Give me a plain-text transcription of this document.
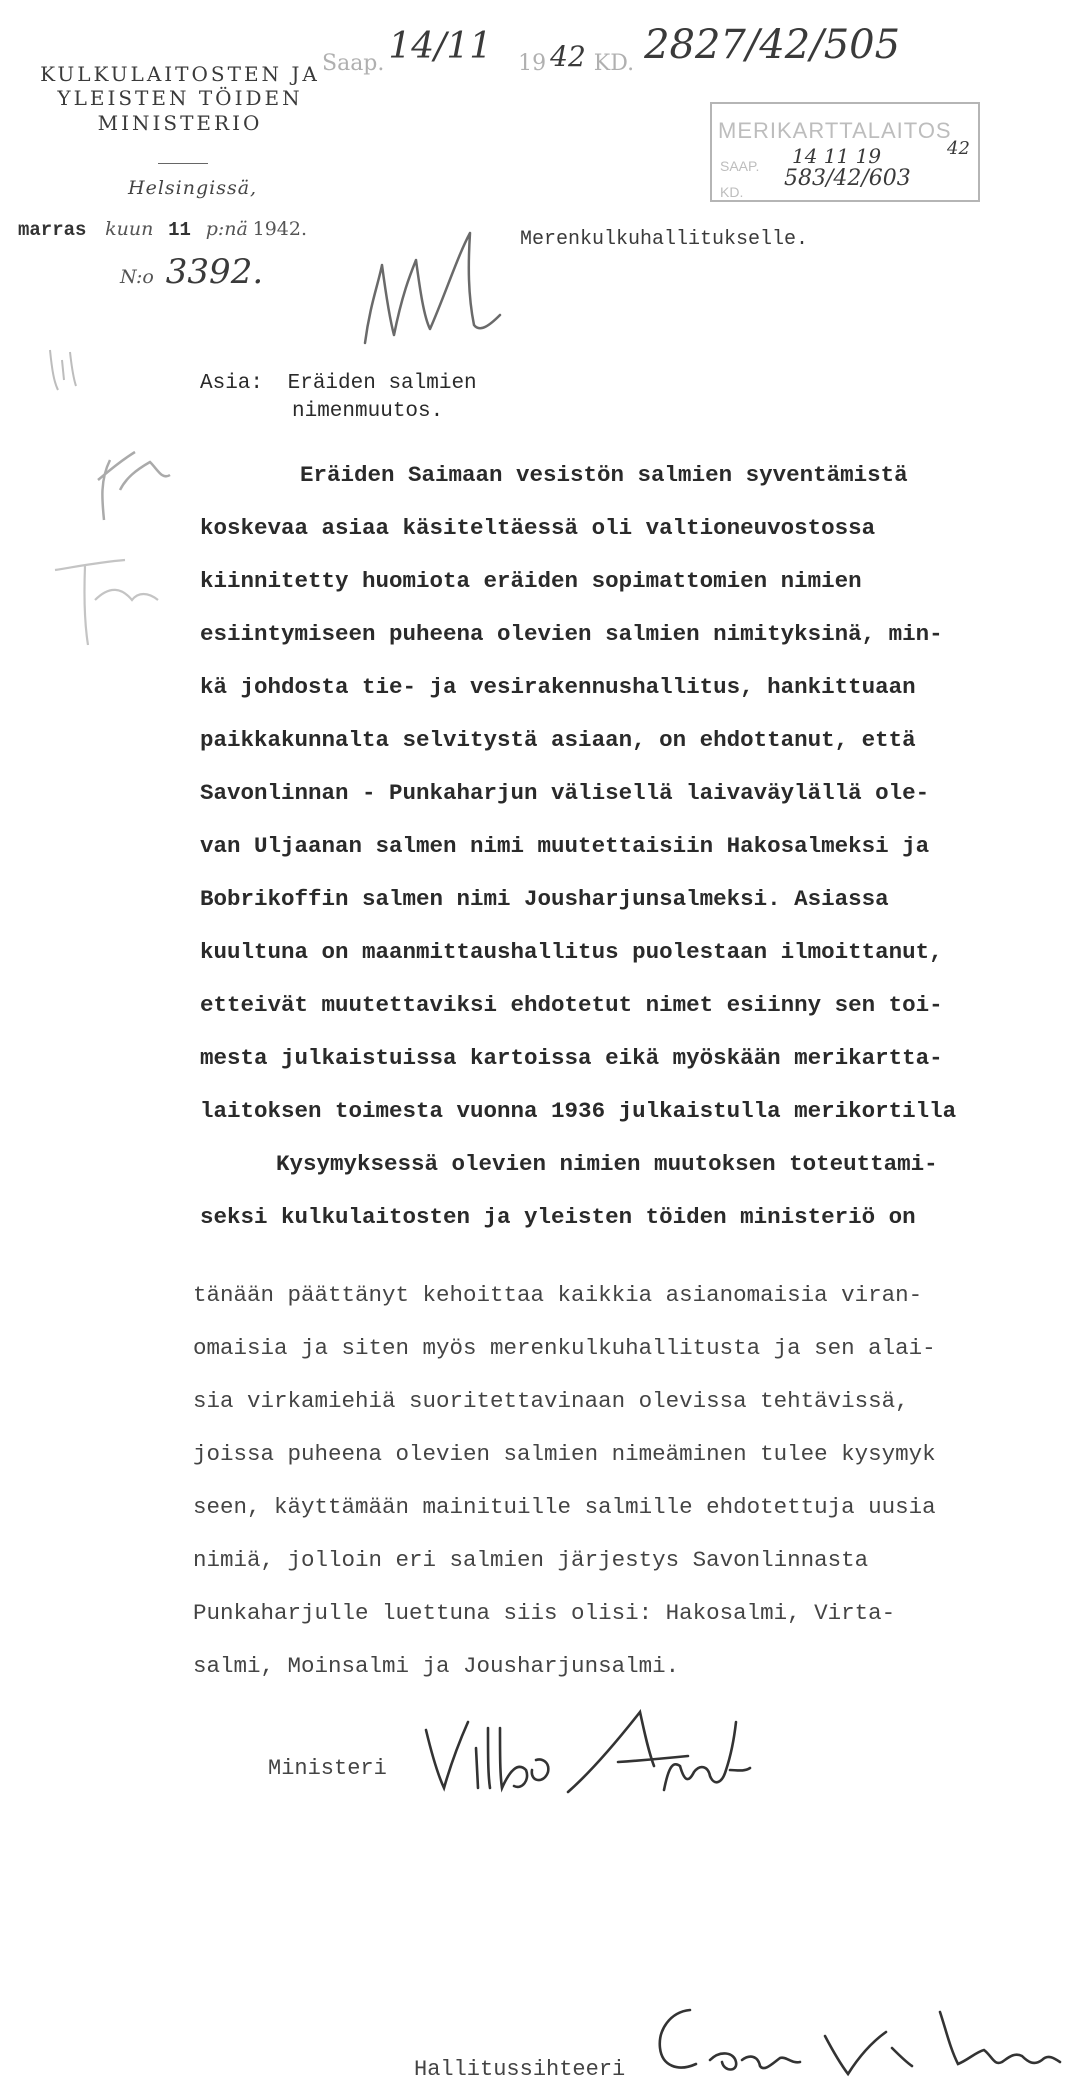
KULKULAITOSTEN JA
YLEISTEN TÖIDEN
MINISTERIO
Helsingissä,
marras kuun 11 p:nä 1942.
N:o 3392.
Saap. 14/11 19 42 KD. 2827/42/505
MERIKARTTALAITOS
SAAP. 14 11 19	42
KD.
583/42/603
Merenkulkuhallitukselle.
Asia: Eräiden salmien
nimenmuutos.
Eräiden Saimaan vesistön salmien syventämistä
koskevaa asiaa käsiteltäessä oli valtioneuvostossa
kiinnitetty huomiota eräiden sopimattomien nimien
esiintymiseen puheena olevien salmien nimityksinä, min-
kä johdosta tie- ja vesirakennushallitus, hankittuaan
paikkakunnalta selvitystä asiaan, on ehdottanut, että
Savonlinnan - Punkaharjun välisellä laivaväylällä ole-
van Uljaanan salmen nimi muutettaisiin Hakosalmeksi ja
Bobrikoffin salmen nimi Jousharjunsalmeksi. Asiassa
kuultuna on maanmittaushallitus puolestaan ilmoittanut,
etteivät muutettaviksi ehdotetut nimet esiinny sen toi-
mesta julkaistuissa kartoissa eikä myöskään merikartta-
laitoksen toimesta vuonna 1936 julkaistulla merikortilla
Kysymyksessä olevien nimien muutoksen toteuttami-
seksi kulkulaitosten ja yleisten töiden ministeriö on
tänään päättänyt kehoittaa kaikkia asianomaisia viran-
omaisia ja siten myös merenkulkuhallitusta ja sen alai-
sia virkamiehiä suoritettavinaan olevissa tehtävissä,
joissa puheena olevien salmien nimeäminen tulee kysymyk
seen, käyttämään mainituille salmille ehdotettuja uusia
nimiä, jolloin eri salmien järjestys Savonlinnasta
Punkaharjulle luettuna siis olisi: Hakosalmi, Virta-
salmi, Moinsalmi ja Jousharjunsalmi.
Ministeri
Hallitussihteeri
